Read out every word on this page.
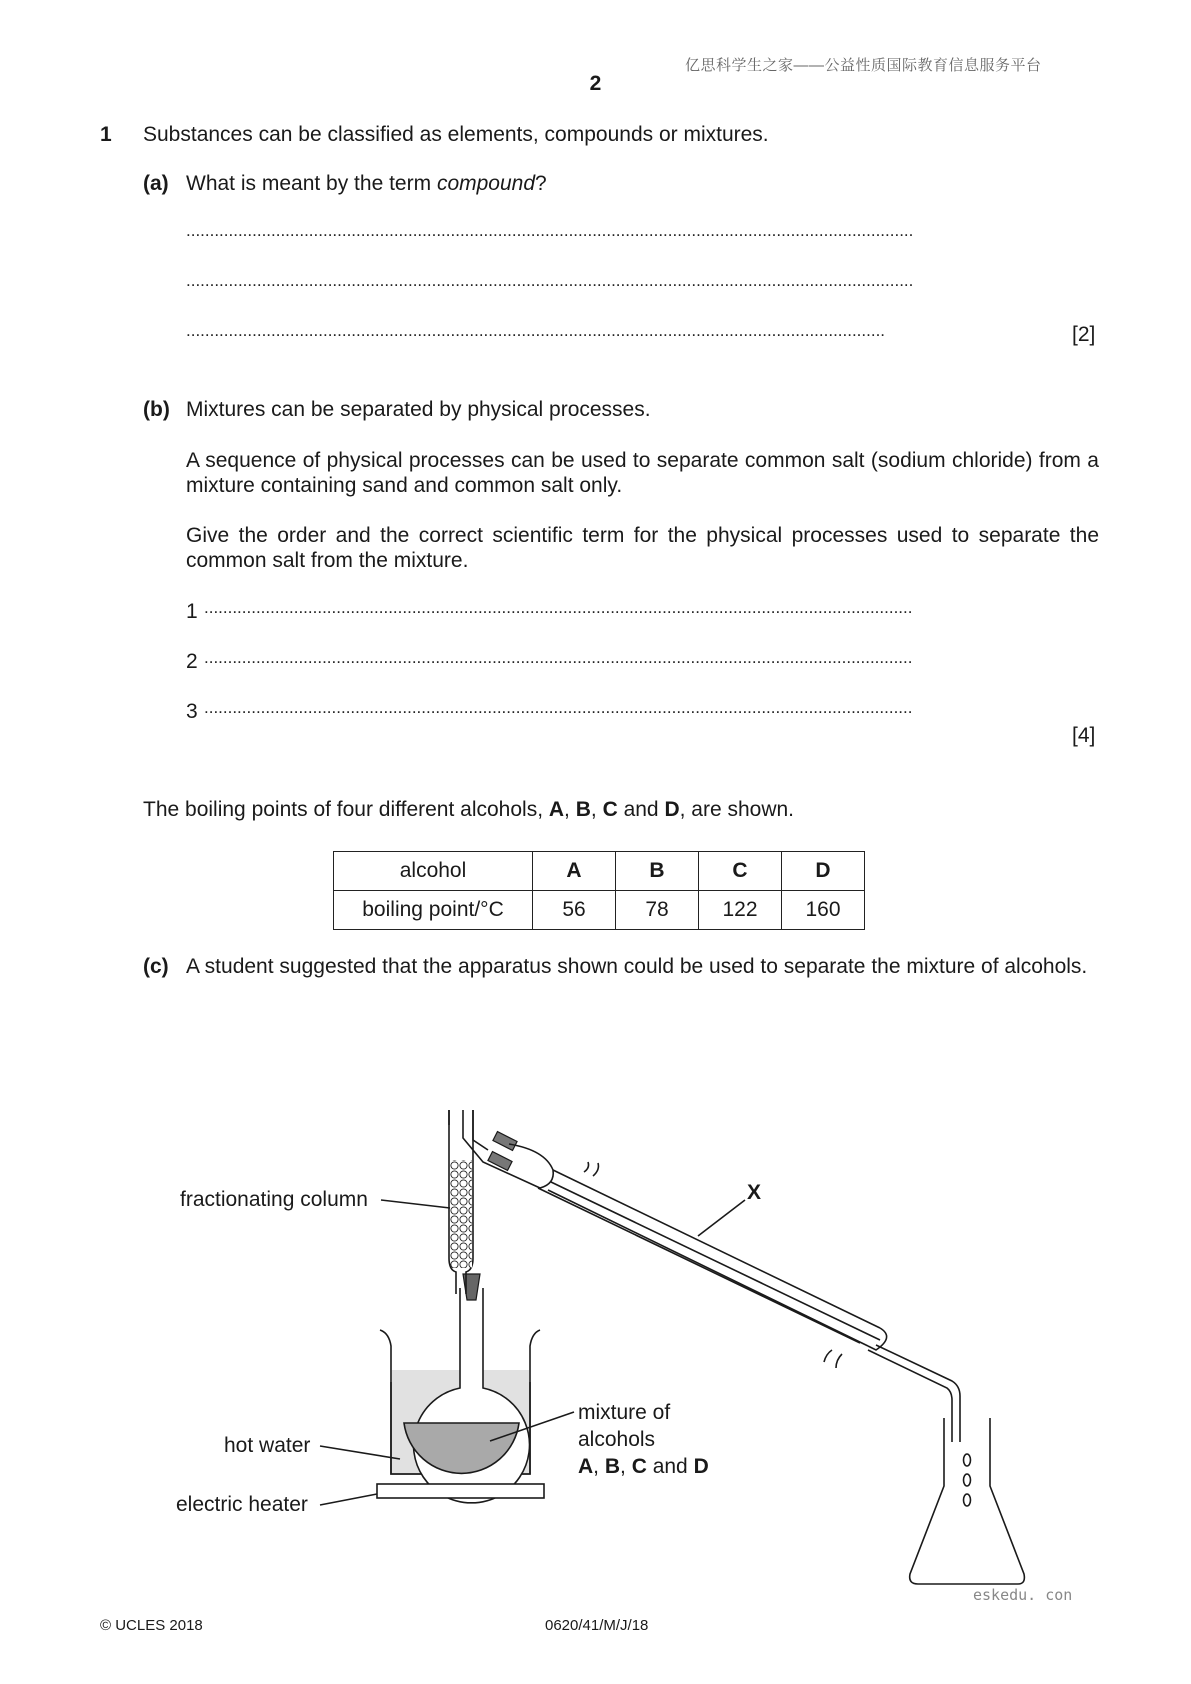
亿思科学生之家——公益性质国际教育信息服务平台
2
1 Substances can be classified as elements, compounds or mixtures.
(a) What is meant by the term compound?
..........................................................................................................................................................
..........................................................................................................................................................
....................................................................................................................................................	[2]
(b) Mixtures can be separated by physical processes.
A sequence of physical processes can be used to separate common salt (sodium chloride) from a mixture containing sand and common salt only.
Give the order and the correct scientific term for the physical processes used to separate the common salt from the mixture.
1 ......................................................................................................................................................
2 ......................................................................................................................................................
3 ......................................................................................................................................................
[4]
The boiling points of four different alcohols, A, B, C and D, are shown.
alcohol	A	B	C	D
boiling point/°C	56	78	122	160
(c) A student suggested that the apparatus shown could be used to separate the mixture of alcohols.
fractionating column	X
hot water
electric heater
mixture of
alcohols
A, B, C and D
eskedu. con
© UCLES 2018	0620/41/M/J/18
